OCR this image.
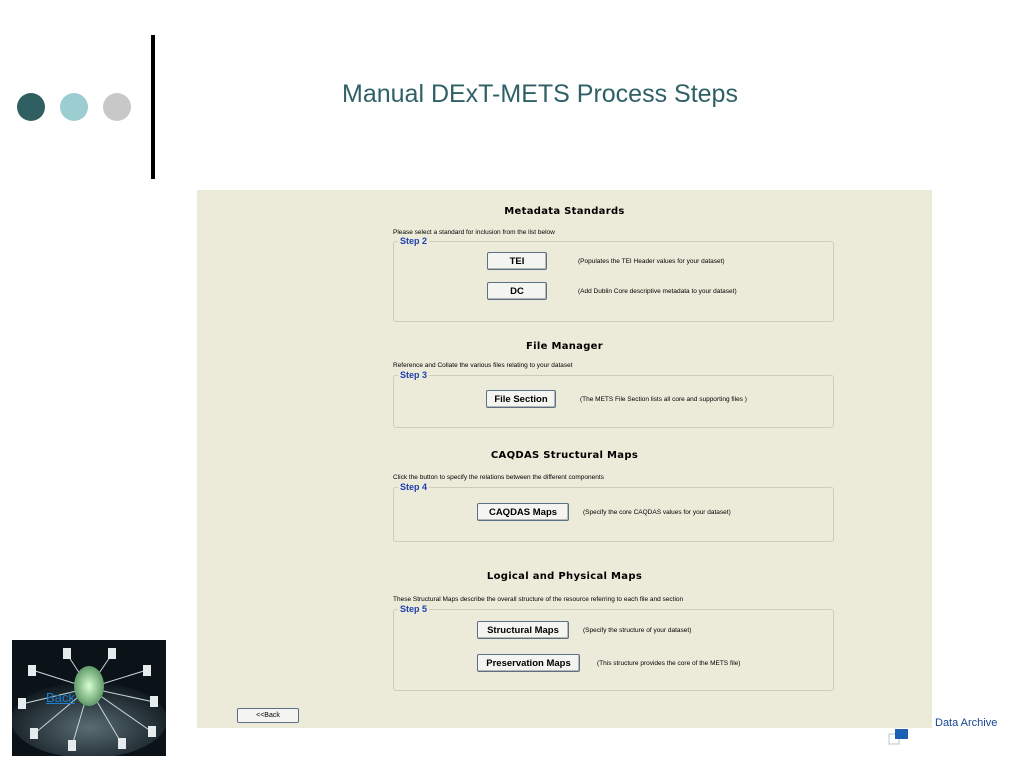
Manual DExT-METS Process Steps
Metadata Standards
Please select a standard for inclusion from the list below
Step 2
TEI	(Populates the TEI Header values for your dataset)
DC	(Add Dublin Core descriptive metadata to your dataset)
File Manager
Reference and Collate the various files relating to your dataset
Step 3
File Section	(The METS File Section lists all core and supporting files )
CAQDAS Structural Maps
Click the button to specify the relations between the different components
Step 4
CAQDAS Maps	(Specify the core CAQDAS values for your dataset)
Logical and Physical Maps
These Structural Maps describe the overall structure of the resource referring to each file and section
Step 5
Structural Maps	(Specify the structure of your dataset)
Preservation Maps	(This structure provides the core of the METS file)
<<Back
Back
Data Archive
